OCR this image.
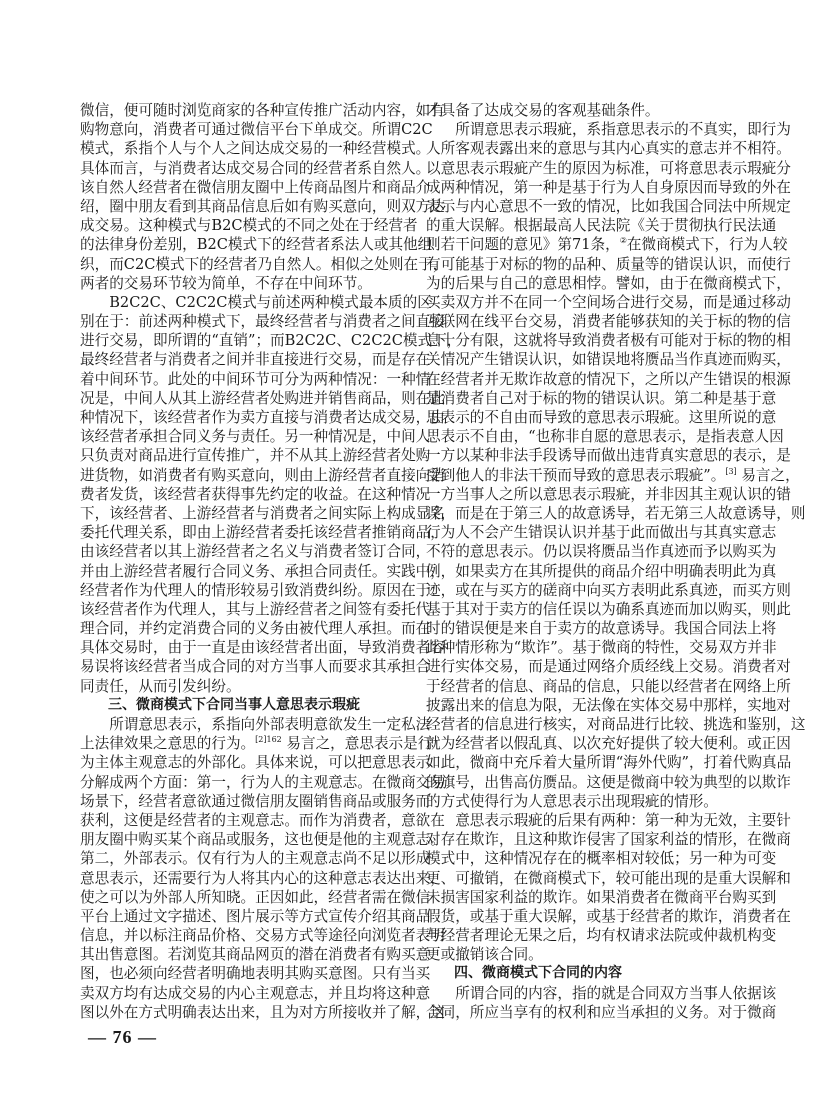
微信，便可随时浏览商家的各种宣传推广活动内容，如有
购物意向，消费者可通过微信平台下单成交。所谓C2C
模式，系指个人与个人之间达成交易的一种经营模式。
具体而言，与消费者达成交易合同的经营者系自然人。
该自然人经营者在微信朋友圈中上传商品图片和商品介
绍，圈中朋友看到其商品信息后如有购买意向，则双方达
成交易。这种模式与B2C模式的不同之处在于经营者
的法律身份差别，B2C模式下的经营者系法人或其他组
织，而C2C模式下的经营者乃自然人。相似之处则在于，
两者的交易环节较为简单，不存在中间环节。
B2C2C、C2C2C模式与前述两种模式最本质的区
别在于：前述两种模式下，最终经营者与消费者之间直接
进行交易，即所谓的“直销”；而B2C2C、C2C2C模式下，
最终经营者与消费者之间并非直接进行交易，而是存在
着中间环节。此处的中间环节可分为两种情况：一种情
况是，中间人从其上游经营者处购进并销售商品，则在此
种情况下，该经营者作为卖方直接与消费者达成交易，由
该经营者承担合同义务与责任。另一种情况是，中间人
只负责对商品进行宣传推广，并不从其上游经营者处购
进货物，如消费者有购买意向，则由上游经营者直接向消
费者发货，该经营者获得事先约定的收益。在这种情况
下，该经营者、上游经营者与消费者之间实际上构成显名
委托代理关系，即由上游经营者委托该经营者推销商品，
由该经营者以其上游经营者之名义与消费者签订合同，
并由上游经营者履行合同义务、承担合同责任。实践中，
经营者作为代理人的情形较易引致消费纠纷。原因在于：
该经营者作为代理人，其与上游经营者之间签有委托代
理合同，并约定消费合同的义务由被代理人承担。而在
具体交易时，由于一直是由该经营者出面，导致消费者容
易误将该经营者当成合同的对方当事人而要求其承担合
同责任，从而引发纠纷。
三、微商模式下合同当事人意思表示瑕疵
所谓意思表示，系指向外部表明意欲发生一定私法
上法律效果之意思的行为。$^{[2]162}$ 易言之，意思表示是行
为主体主观意志的外部化。具体来说，可以把意思表示
分解成两个方面：第一，行为人的主观意志。在微商交易
场景下，经营者意欲通过微信朋友圈销售商品或服务而
获利，这便是经营者的主观意志。而作为消费者，意欲在
朋友圈中购买某个商品或服务，这也便是他的主观意志。
第二，外部表示。仅有行为人的主观意志尚不足以形成
意思表示，还需要行为人将其内心的这种意志表达出来，
使之可以为外部人所知晓。正因如此，经营者需在微信
平台上通过文字描述、图片展示等方式宣传介绍其商品
信息，并以标注商品价格、交易方式等途径向浏览者表明
其出售意图。若浏览其商品网页的潜在消费者有购买意
图，也必须向经营者明确地表明其购买意图。只有当买
卖双方均有达成交易的内心主观意志，并且均将这种意
图以外在方式明确表达出来，且为对方所接收并了解，这
才具备了达成交易的客观基础条件。
所谓意思表示瑕疵，系指意思表示的不真实，即行为
人所客观表露出来的意思与其内心真实的意志并不相符。
以意思表示瑕疵产生的原因为标准，可将意思表示瑕疵分
成两种情况，第一种是基于行为人自身原因而导致的外在
表示与内心意思不一致的情况，比如我国合同法中所规定
的重大误解。根据最高人民法院《关于贯彻执行民法通
则若干问题的意见》第71条，②在微商模式下，行为人较
有可能基于对标的物的品种、质量等的错误认识，而使行
为的后果与自己的意思相悖。譬如，由于在微商模式下，
买卖双方并不在同一个空间场合进行交易，而是通过移动
互联网在线平台交易，消费者能够获知的关于标的物的信
息十分有限，这就将导致消费者极有可能对于标的物的相
关情况产生错误认识，如错误地将赝品当作真迹而购买，
在经营者并无欺诈故意的情况下，之所以产生错误的根源
是消费者自己对于标的物的错误认识。第二种是基于意
思表示的不自由而导致的意思表示瑕疵。这里所说的意
思表示不自由，“也称非自愿的意思表示，是指表意人因
一方以某种非法手段诱导而做出违背真实意思的表示，是
受到他人的非法干预而导致的意思表示瑕疵”。[3] 易言之，
一方当事人之所以意思表示瑕疵，并非因其主观认识的错
误，而是在于第三人的故意诱导，若无第三人故意诱导，则
行为人不会产生错误认识并基于此而做出与其真实意志
不符的意思表示。仍以误将赝品当作真迹而予以购买为
例，如果卖方在其所提供的商品介绍中明确表明此为真
迹，或在与买方的磋商中向买方表明此系真迹，而买方则
基于其对于卖方的信任误以为确系真迹而加以购买，则此
时的错误便是来自于卖方的故意诱导。我国合同法上将
此种情形称为“欺诈”。基于微商的特性，交易双方并非
进行实体交易，而是通过网络介质经线上交易。消费者对
于经营者的信息、商品的信息，只能以经营者在网络上所
披露出来的信息为限，无法像在实体交易中那样，实地对
经营者的信息进行核实，对商品进行比较、挑选和鉴别，这
就为经营者以假乱真、以次充好提供了较大便利。或正因
如此，微商中充斥着大量所谓“海外代购”，打着代购真品
的旗号，出售高仿赝品。这便是微商中较为典型的以欺诈
的方式使得行为人意思表示出现瑕疵的情形。
意思表示瑕疵的后果有两种：第一种为无效，主要针
对存在欺诈，且这种欺诈侵害了国家利益的情形，在微商
模式中，这种情况存在的概率相对较低；另一种为可变
更、可撤销，在微商模式下，较可能出现的是重大误解和
未损害国家利益的欺诈。如果消费者在微商平台购买到
假货，或基于重大误解，或基于经营者的欺诈，消费者在
与经营者理论无果之后，均有权请求法院或仲裁机构变
更或撤销该合同。
四、微商模式下合同的内容
所谓合同的内容，指的就是合同双方当事人依据该
合同，所应当享有的权利和应当承担的义务。对于微商
— 76 —
